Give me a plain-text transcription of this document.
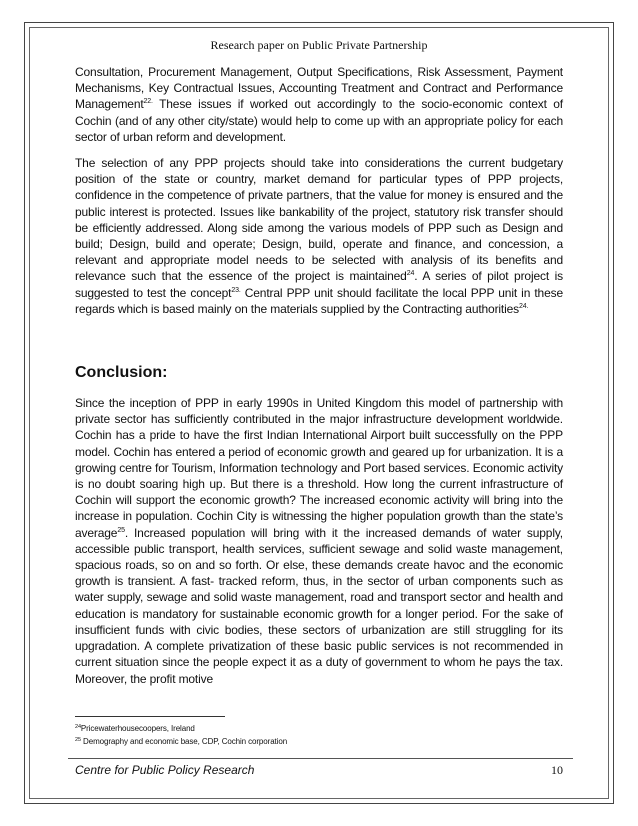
Research paper on Public Private Partnership

Consultation, Procurement Management, Output Specifications, Risk Assessment, Payment Mechanisms, Key Contractual Issues, Accounting Treatment and Contract and Performance Management$^{22.}$ These issues if worked out accordingly to the socio-economic context of Cochin (and of any other city/state) would help to come up with an appropriate policy for each sector of urban reform and development.

The selection of any PPP projects should take into considerations the current budgetary position of the state or country, market demand for particular types of PPP projects, confidence in the competence of private partners, that the value for money is ensured and the public interest is protected. Issues like bankability of the project, statutory risk transfer should be efficiently addressed. Along side among the various models of PPP such as Design and build; Design, build and operate; Design, build, operate and finance, and concession, a relevant and appropriate model needs to be selected with analysis of its benefits and relevance such that the essence of the project is maintained$^{24}$. A series of pilot project is suggested to test the concept$^{23.}$ Central PPP unit should facilitate the local PPP unit in these regards which is based mainly on the materials supplied by the Contracting authorities$^{24.}$

Conclusion:

Since the inception of PPP in early 1990s in United Kingdom this model of partnership with private sector has sufficiently contributed in the major infrastructure development worldwide. Cochin has a pride to have the first Indian International Airport built successfully on the PPP model. Cochin has entered a period of economic growth and geared up for urbanization. It is a growing centre for Tourism, Information technology and Port based services. Economic activity is no doubt soaring high up. But there is a threshold. How long the current infrastructure of Cochin will support the economic growth? The increased economic activity will bring into the increase in population. Cochin City is witnessing the higher population growth than the state’s average$^{25}$. Increased population will bring with it the increased demands of water supply, accessible public transport, health services, sufficient sewage and solid waste management, spacious roads, so on and so forth. Or else, these demands create havoc and the economic growth is transient. A fast- tracked reform, thus, in the sector of urban components such as water supply, sewage and solid waste management, road and transport sector and health and education is mandatory for sustainable economic growth for a longer period. For the sake of insufficient funds with civic bodies, these sectors of urbanization are still struggling for its upgradation. A complete privatization of these basic public services is not recommended in current situation since the people expect it as a duty of government to whom he pays the tax. Moreover, the profit motive

$^{24}$Pricewaterhousecoopers, Ireland
$^{25}$ Demography and economic base, CDP, Cochin corporation
Centre for Public Policy Research	10
